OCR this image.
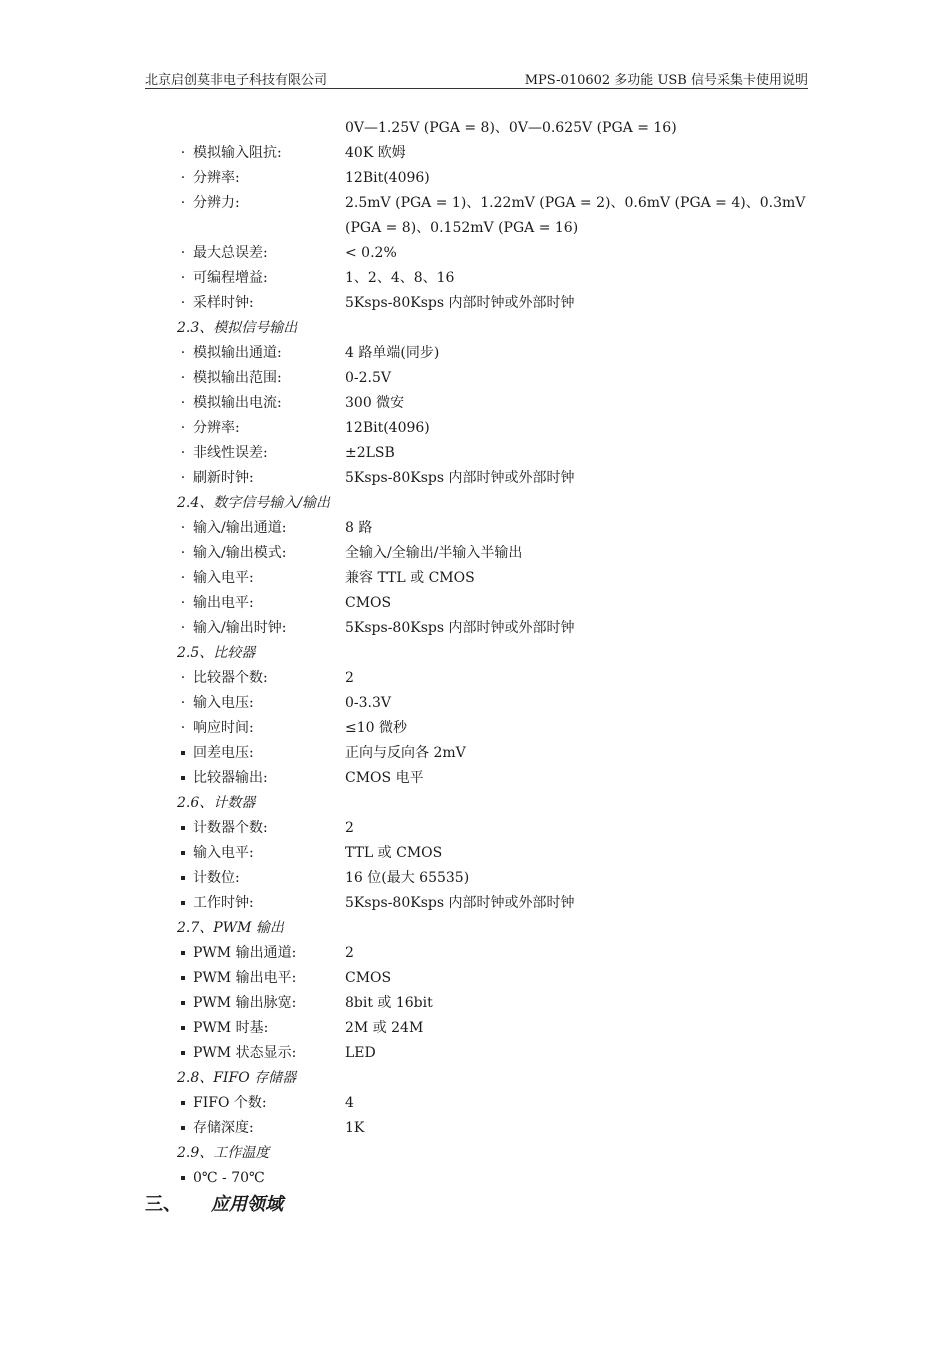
北京启创莫非电子科技有限公司	MPS-010602 多功能 USB 信号采集卡使用说明
0V—1.25V (PGA = 8)、0V—0.625V (PGA = 16)
·
模拟输入阻抗:	40K 欧姆
·
分辨率:	12Bit(4096)
·
分辨力:	2.5mV (PGA = 1)、1.22mV (PGA = 2)、0.6mV (PGA = 4)、0.3mV
(PGA = 8)、0.152mV (PGA = 16)
·
最大总误差:	< 0.2%
·
可编程增益:	1、2、4、8、16
·
采样时钟:	5Ksps-80Ksps 内部时钟或外部时钟
2.3、模拟信号输出
·
模拟输出通道:	4 路单端(同步)
·
模拟输出范围:	0-2.5V
·
模拟输出电流:	300 微安
·
分辨率:	12Bit(4096)
·
非线性误差:	±2LSB
·
刷新时钟:	5Ksps-80Ksps 内部时钟或外部时钟
2.4、数字信号输入/输出
·
输入/输出通道:	8 路
·
输入/输出模式:	全输入/全输出/半输入半输出
·
输入电平:	兼容 TTL 或 CMOS
·
输出电平:	CMOS
·
输入/输出时钟:	5Ksps-80Ksps 内部时钟或外部时钟
2.5、比较器
·
比较器个数:	2
·
输入电压:	0-3.3V
·
响应时间:	≤10 微秒
回差电压:	正向与反向各 2mV
比较器输出:	CMOS 电平
2.6、计数器
计数器个数:	2
输入电平:	TTL 或 CMOS
计数位:	16 位(最大 65535)
工作时钟:	5Ksps-80Ksps 内部时钟或外部时钟
2.7、PWM 输出
PWM 输出通道:	2
PWM 输出电平:	CMOS
PWM 输出脉宽:	8bit 或 16bit
PWM 时基:	2M 或 24M
PWM 状态显示:	LED
2.8、FIFO 存储器
FIFO 个数:	4
存储深度:	1K
2.9、工作温度
0℃ - 70℃
三、 应用领域
